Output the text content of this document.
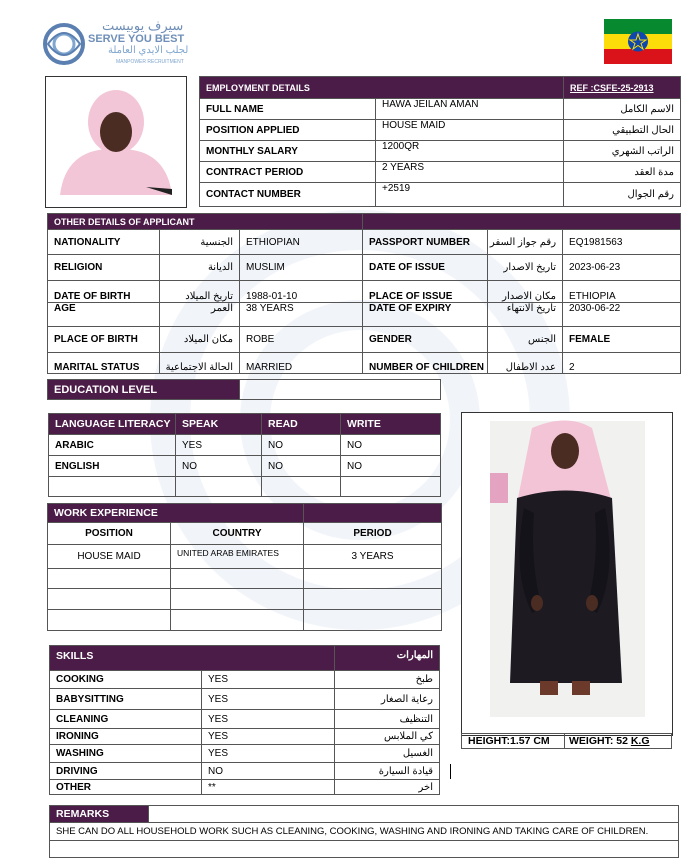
سيرف يوبيست
SERVE YOU BEST
لجلب الايدي العاملة
MANPOWER RECRUITMENT
EMPLOYMENT DETAILS		REF :CSFE-25-2913
FULL NAME	HAWA JEILAN AMAN	الاسم الكامل
POSITION APPLIED	HOUSE MAID	الحال التطبيقي
MONTHLY SALARY	1200QR	الراتب الشهري
CONTRACT PERIOD	2 YEARS	مدة العقد
CONTACT NUMBER	+2519	رقم الجوال
OTHER DETAILS OF APPLICANT					
NATIONALITY	الجنسية	ETHIOPIAN	PASSPORT NUMBER	رقم جواز السفر	EQ1981563
RELIGION	الديانة	MUSLIM	DATE OF ISSUE	تاريخ الاصدار	2023-06-23
DATE OF BIRTH	تاريخ الميلاد	1988-01-10	PLACE OF ISSUE	مكان الاصدار	ETHIOPIA
AGE	العمر	38 YEARS	DATE OF EXPIRY	تاريخ الانتهاء	2030-06-22
PLACE OF BIRTH	مكان الميلاد	ROBE	GENDER	الجنس	FEMALE
MARITAL STATUS	الحالة الاجتماعية	MARRIED	NUMBER OF CHILDREN	عدد الاطفال	2
EDUCATION LEVEL	
LANGUAGE LITERACY	SPEAK	READ	WRITE
ARABIC	YES	NO	NO
ENGLISH	NO	NO	NO

WORK EXPERIENCE		
POSITION	COUNTRY	PERIOD
HOUSE MAID	UNITED ARAB EMIRATES	3 YEARS

SKILLS		المهارات
COOKING	YES	طبخ
BABYSITTING	YES	رعاية الصغار
CLEANING	YES	التنظيف
IRONING	YES	كي الملابس
WASHING	YES	الغسيل
DRIVING	NO	قيادة السيارة
OTHER	**	اخر
HEIGHT:1.57 CM	WEIGHT: 52 K.G
REMARKS	
SHE CAN DO ALL HOUSEHOLD WORK SUCH AS CLEANING, COOKING, WASHING AND IRONING AND TAKING CARE OF CHILDREN.
